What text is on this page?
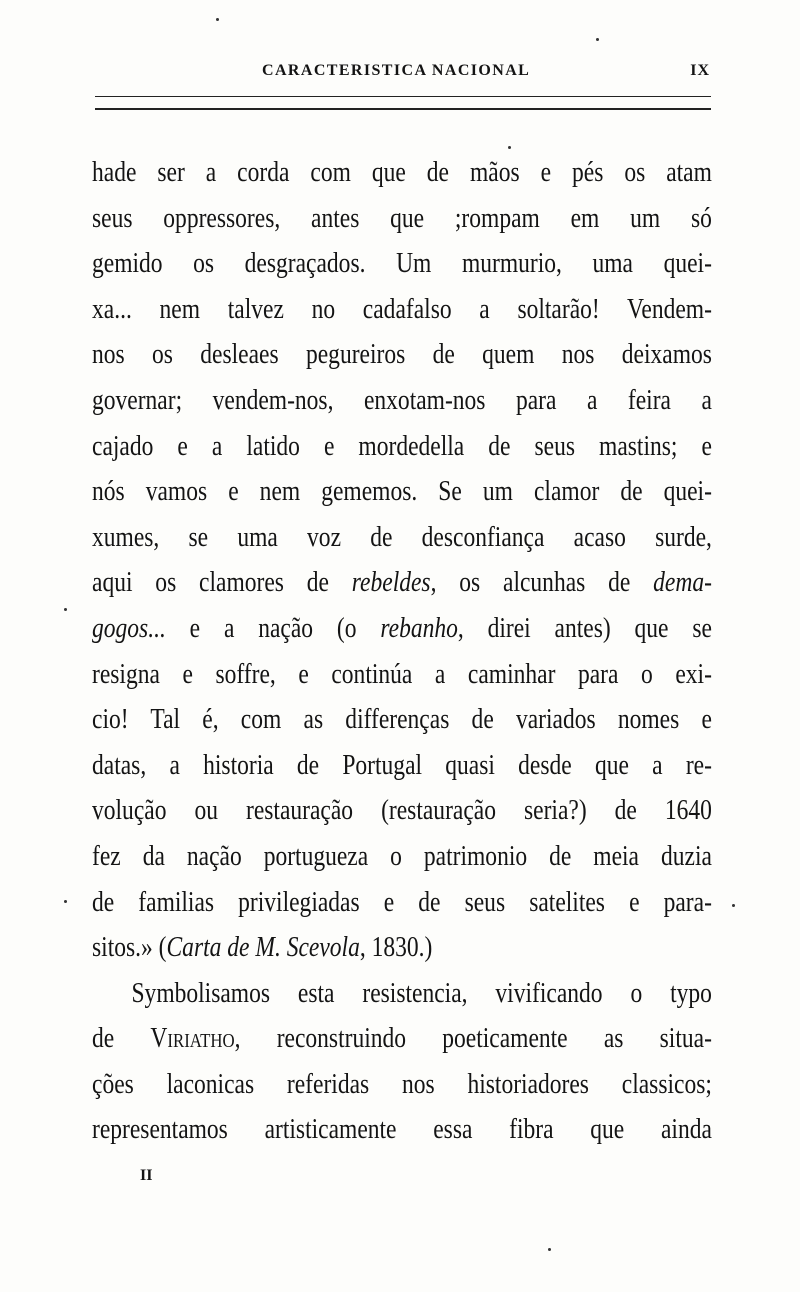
CARACTERISTICA NACIONAL	IX
hade ser a corda com que de mãos e pés os atam
seus oppressores, antes que ;rompam em um só
gemido os desgraçados. Um murmurio, uma quei-
xa... nem talvez no cadafalso a soltarão! Vendem-
nos os desleaes pegureiros de quem nos deixamos
governar; vendem-nos, enxotam-nos para a feira a
cajado e a latido e mordedella de seus mastins; e
nós vamos e nem gememos. Se um clamor de quei-
xumes, se uma voz de desconfiança acaso surde,
aqui os clamores de rebeldes, os alcunhas de dema-
gogos... e a nação (o rebanho, direi antes) que se
resigna e soffre, e continúa a caminhar para o exi-
cio! Tal é, com as differenças de variados nomes e
datas, a historia de Portugal quasi desde que a re-
volução ou restauração (restauração seria?) de 1640
fez da nação portugueza o patrimonio de meia duzia
de familias privilegiadas e de seus satelites e para-
sitos.» (Carta de M. Scevola, 1830.)
Symbolisamos esta resistencia, vivificando o typo
de Viriatho, reconstruindo poeticamente as situa-
ções laconicas referidas nos historiadores classicos;
representamos artisticamente essa fibra que ainda
II
